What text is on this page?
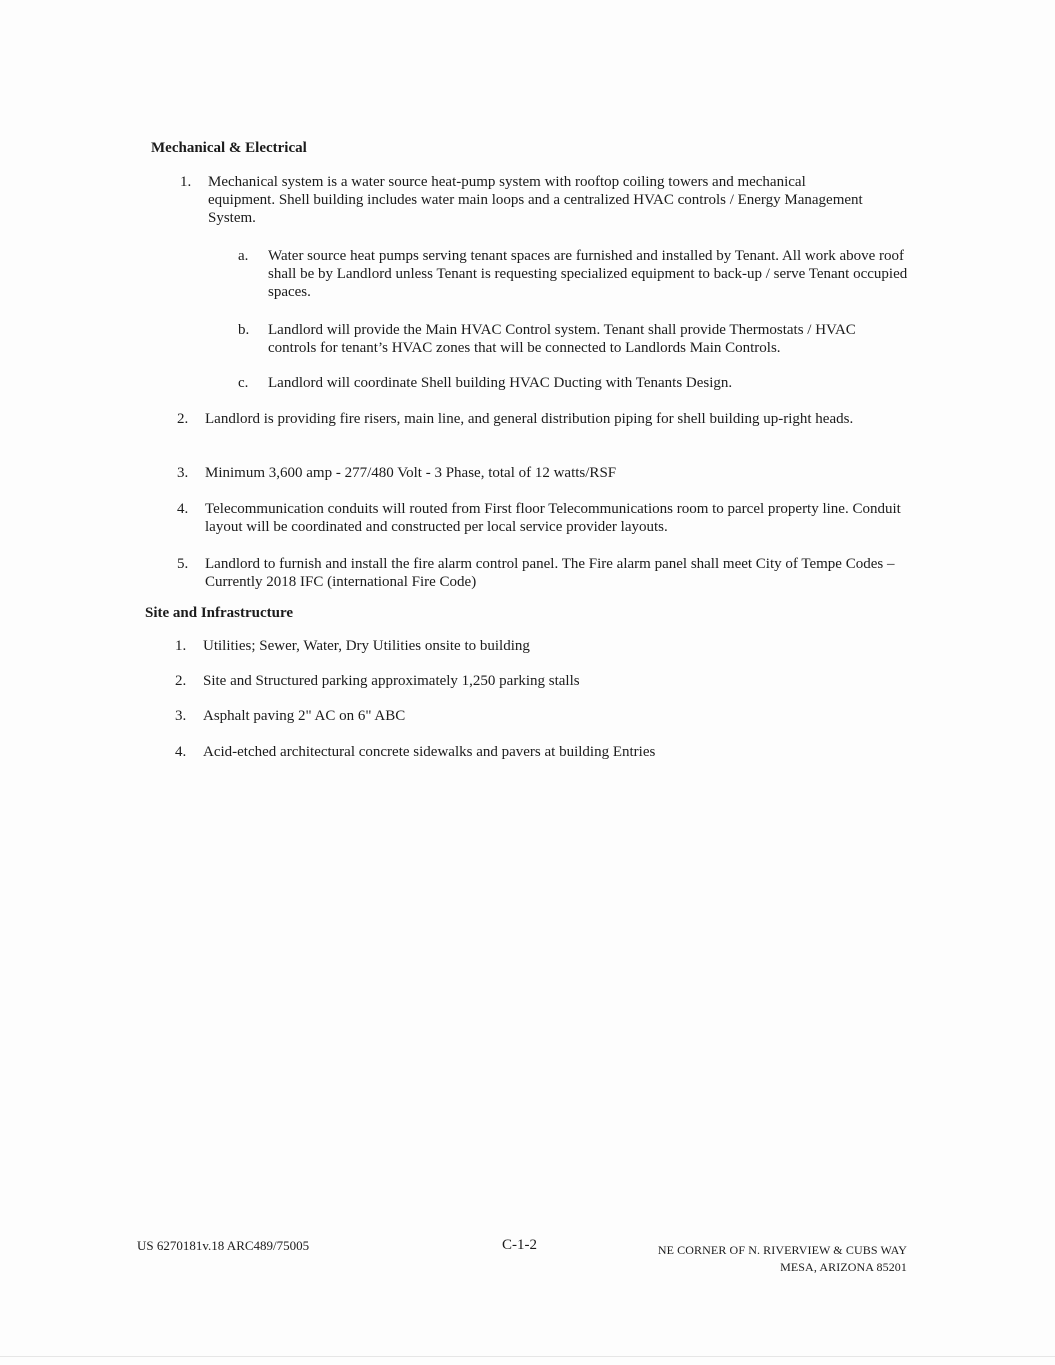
Mechanical & Electrical
1.	Mechanical system is a water source heat-pump system with rooftop coiling towers and mechanical equipment. Shell building includes water main loops and a centralized HVAC controls / Energy Management System.
a.	Water source heat pumps serving tenant spaces are furnished and installed by Tenant. All work above roof shall be by Landlord unless Tenant is requesting specialized equipment to back-up / serve Tenant occupied spaces.
b.	Landlord will provide the Main HVAC Control system. Tenant shall provide Thermostats / HVAC controls for tenant’s HVAC zones that will be connected to Landlords Main Controls.
c.	Landlord will coordinate Shell building HVAC Ducting with Tenants Design.
2.	Landlord is providing fire risers, main line, and general distribution piping for shell building up-right heads.
3.	Minimum 3,600 amp - 277/480 Volt - 3 Phase, total of 12 watts/RSF
4.	Telecommunication conduits will routed from First floor Telecommunications room to parcel property line. Conduit layout will be coordinated and constructed per local service provider layouts.
5.	Landlord to furnish and install the fire alarm control panel. The Fire alarm panel shall meet City of Tempe Codes – Currently 2018 IFC (international Fire Code)
Site and Infrastructure
1.	Utilities; Sewer, Water, Dry Utilities onsite to building
2.	Site and Structured parking approximately 1,250 parking stalls
3.	Asphalt paving 2" AC on 6" ABC
4.	Acid-etched architectural concrete sidewalks and pavers at building Entries
US 6270181v.18 ARC489/75005	C-1-2	NE CORNER OF N. RIVERVIEW & CUBS WAY
MESA, ARIZONA 85201
